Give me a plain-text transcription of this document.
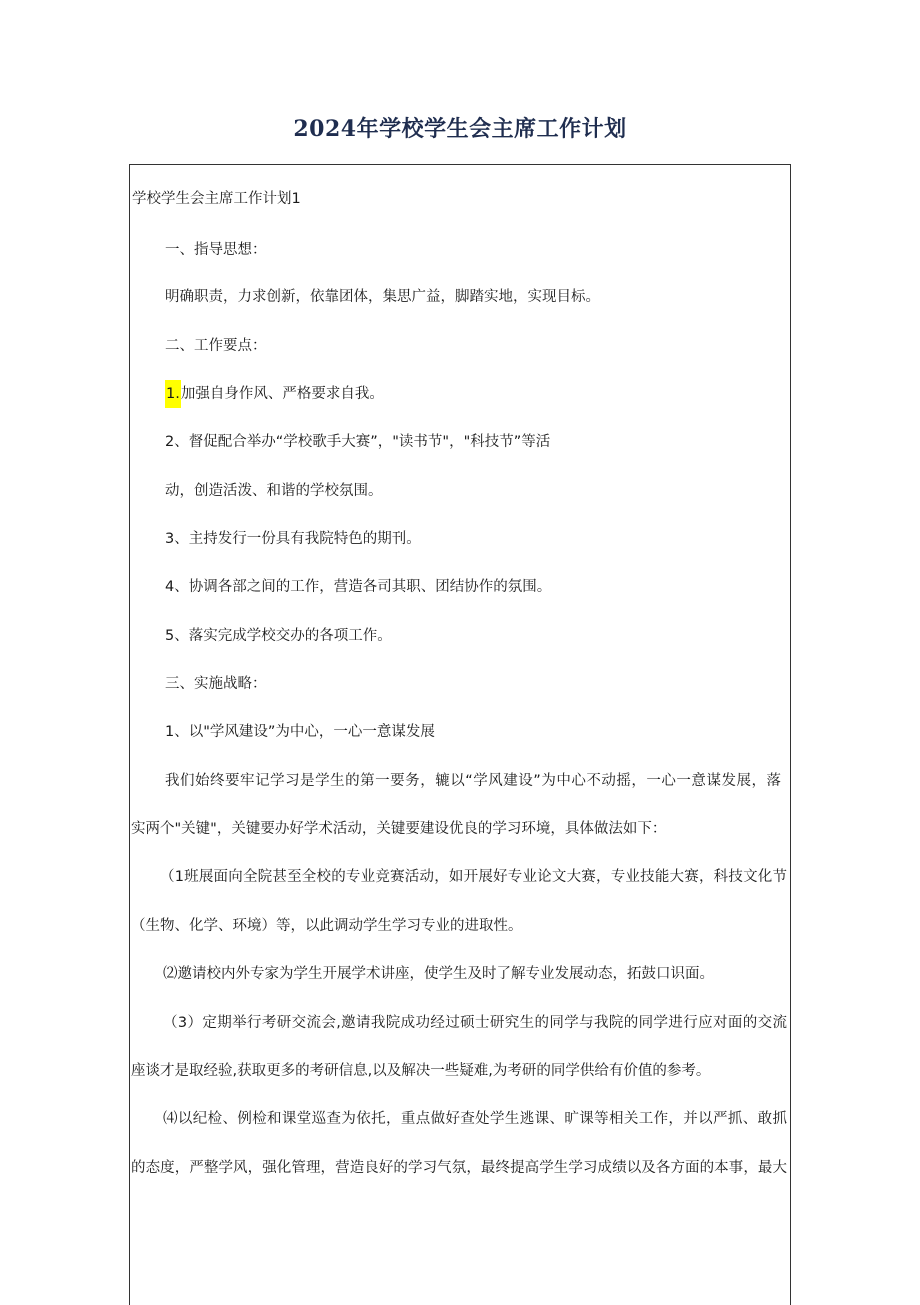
2024年学校学生会主席工作计划
学校学生会主席工作计划1
一、指导思想：
明确职责，力求创新，依靠团体，集思广益，脚踏实地，实现目标。
二、工作要点：
1.加强自身作风、严格要求自我。
2、督促配合举办“学校歌手大赛”，"读书节"，"科技节”等活
动，创造活泼、和谐的学校氛围。
3、主持发行一份具有我院特色的期刊。
4、协调各部之间的工作，营造各司其职、团结协作的氛围。
5、落实完成学校交办的各项工作。
三、实施战略：
1、以"学风建设”为中心，一心一意谋发展
我们始终要牢记学习是学生的第一要务，辘以“学风建设”为中心不动摇，一心一意谋发展，落
实两个"关键"，关键要办好学术活动，关键要建设优良的学习环境，具体做法如下：
（1班展面向全院甚至全校的专业竞赛活动，如开展好专业论文大赛，专业技能大赛，科技文化节
（生物、化学、环境）等，以此调动学生学习专业的进取性。
⑵邀请校内外专家为学生开展学术讲座，使学生及时了解专业发展动态，拓鼓口识面。
（3）定期举行考研交流会,邀请我院成功经过硕士研究生的同学与我院的同学进行应对面的交流
座谈才是取经验,获取更多的考研信息,以及解决一些疑难,为考研的同学供给有价值的参考。
⑷以纪检、例检和课堂巡查为依托，重点做好查处学生逃课、旷课等相关工作，并以严抓、敢抓
的态度，严整学风，强化管理，营造良好的学习气氛，最终提高学生学习成绩以及各方面的本事，最大
